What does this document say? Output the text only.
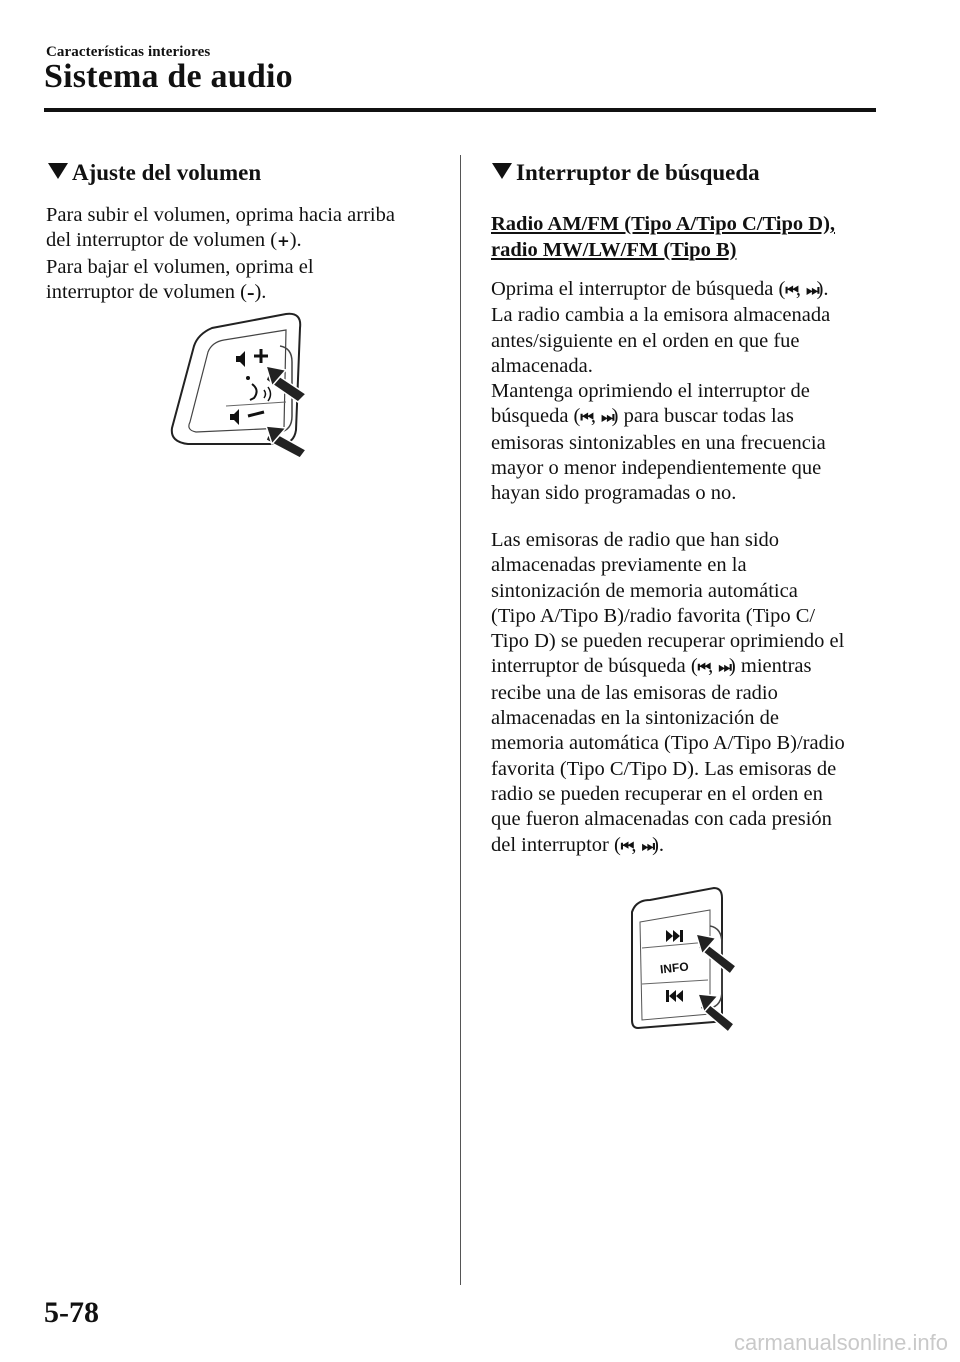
Características interiores
Sistema de audio
Ajuste del volumen
Para subir el volumen, oprima hacia arriba
del interruptor de volumen (+).
Para bajar el volumen, oprima el
interruptor de volumen (–).
Interruptor de búsqueda
Radio AM/FM (Tipo A/Tipo C/Tipo D),
radio MW/LW/FM (Tipo B)
Oprima el interruptor de búsqueda (⏮, ⏭).
La radio cambia a la emisora almacenada
antes/siguiente en el orden en que fue
almacenada.
Mantenga oprimiendo el interruptor de
búsqueda (⏮, ⏭) para buscar todas las
emisoras sintonizables en una frecuencia
mayor o menor independientemente que
hayan sido programadas o no.
Las emisoras de radio que han sido
almacenadas previamente en la
sintonización de memoria automática
(Tipo A/Tipo B)/radio favorita (Tipo C/
Tipo D) se pueden recuperar oprimiendo el
interruptor de búsqueda (⏮, ⏭) mientras
recibe una de las emisoras de radio
almacenadas en la sintonización de
memoria automática (Tipo A/Tipo B)/radio
favorita (Tipo C/Tipo D). Las emisoras de
radio se pueden recuperar en el orden en
que fueron almacenadas con cada presión
del interruptor (⏮, ⏭).
INFO
5-78
carmanualsonline.info
